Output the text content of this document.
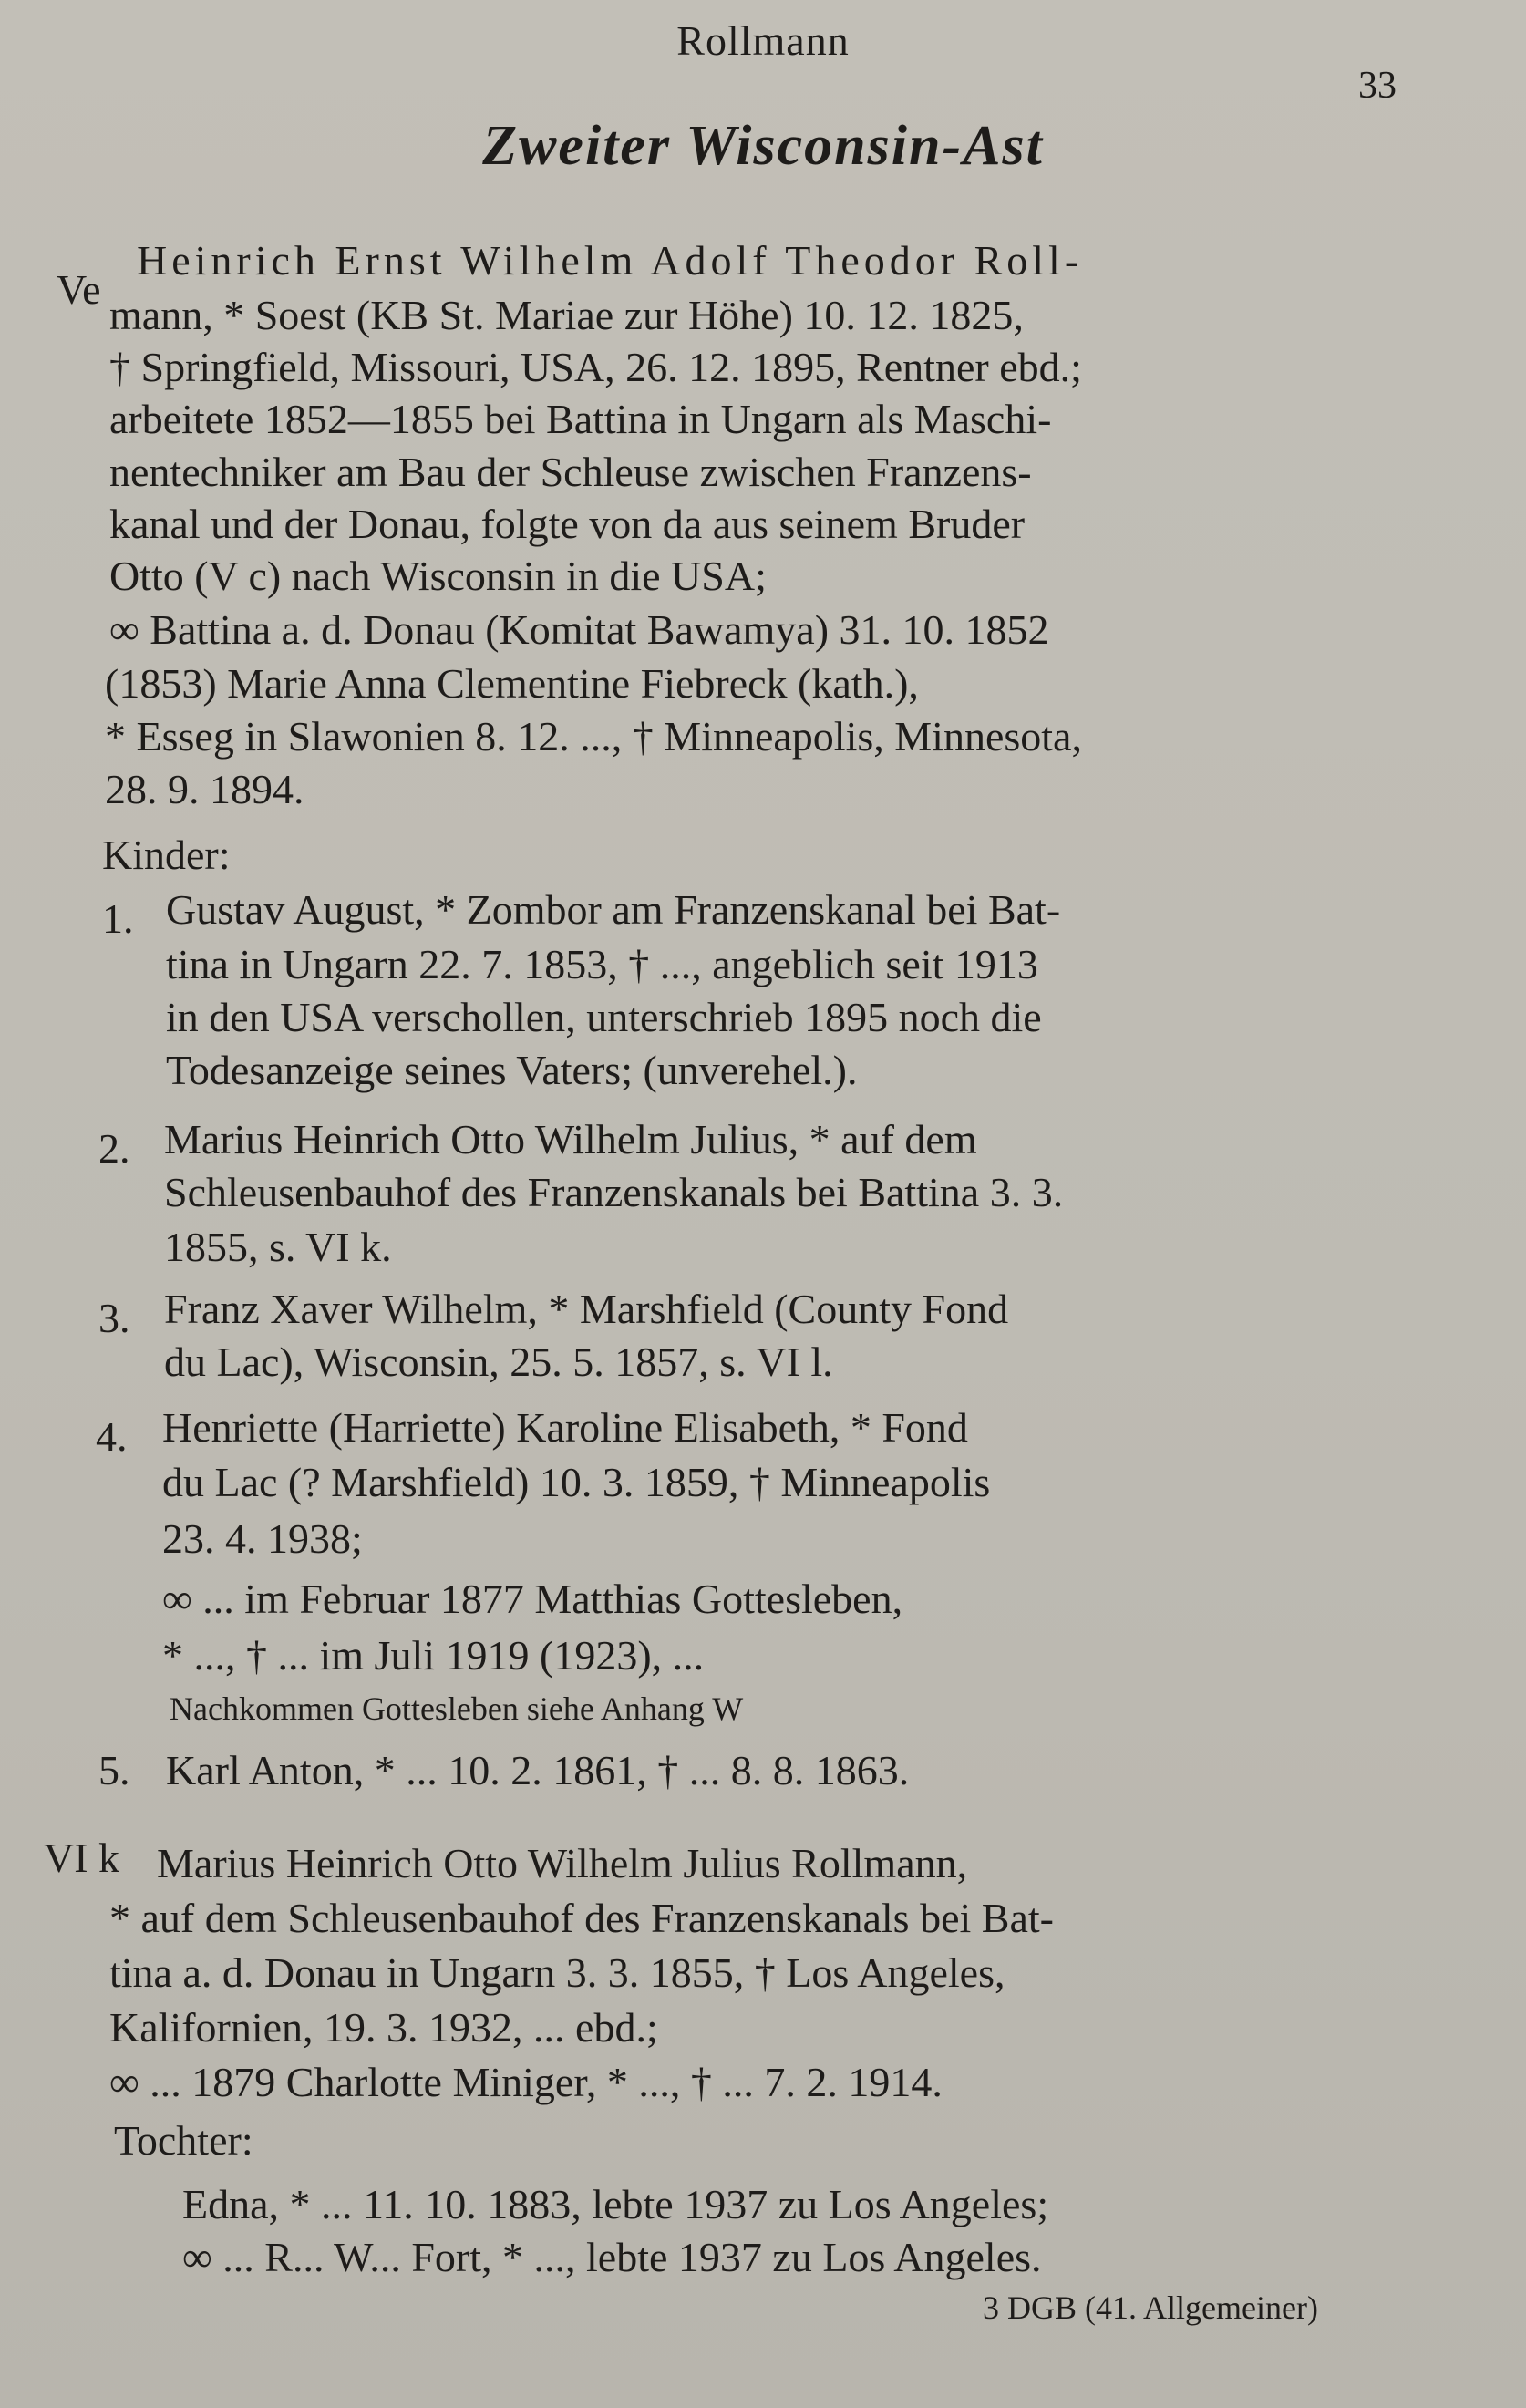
Rollmann
33
Zweiter Wisconsin-Ast
Ve
Heinrich Ernst Wilhelm Adolf Theodor Roll-
mann, * Soest (KB St. Mariae zur Höhe) 10. 12. 1825,
† Springfield, Missouri, USA, 26. 12. 1895, Rentner ebd.;
arbeitete 1852—1855 bei Battina in Ungarn als Maschi-
nentechniker am Bau der Schleuse zwischen Franzens-
kanal und der Donau, folgte von da aus seinem Bruder
Otto (V c) nach Wisconsin in die USA;
∞ Battina a. d. Donau (Komitat Bawamya) 31. 10. 1852
(1853) Marie Anna Clementine Fiebreck (kath.),
* Esseg in Slawonien 8. 12. ..., † Minneapolis, Minnesota,
28. 9. 1894.
Kinder:
1. Gustav August, * Zombor am Franzenskanal bei Bat-
tina in Ungarn 22. 7. 1853, † ..., angeblich seit 1913
in den USA verschollen, unterschrieb 1895 noch die
Todesanzeige seines Vaters; (unverehel.).
2. Marius Heinrich Otto Wilhelm Julius, * auf dem
Schleusenbauhof des Franzenskanals bei Battina 3. 3.
1855, s. VI k.
3. Franz Xaver Wilhelm, * Marshfield (County Fond
du Lac), Wisconsin, 25. 5. 1857, s. VI l.
4. Henriette (Harriette) Karoline Elisabeth, * Fond
du Lac (? Marshfield) 10. 3. 1859, † Minneapolis
23. 4. 1938;
∞ ... im Februar 1877 Matthias Gottesleben,
* ..., † ... im Juli 1919 (1923), ...
Nachkommen Gottesleben siehe Anhang W
5. Karl Anton, * ... 10. 2. 1861, † ... 8. 8. 1863.
VI k Marius Heinrich Otto Wilhelm Julius Rollmann,
* auf dem Schleusenbauhof des Franzenskanals bei Bat-
tina a. d. Donau in Ungarn 3. 3. 1855, † Los Angeles,
Kalifornien, 19. 3. 1932, ... ebd.;
∞ ... 1879 Charlotte Miniger, * ..., † ... 7. 2. 1914.
Tochter:
Edna, * ... 11. 10. 1883, lebte 1937 zu Los Angeles;
∞ ... R... W... Fort, * ..., lebte 1937 zu Los Angeles.
3 DGB (41. Allgemeiner)
